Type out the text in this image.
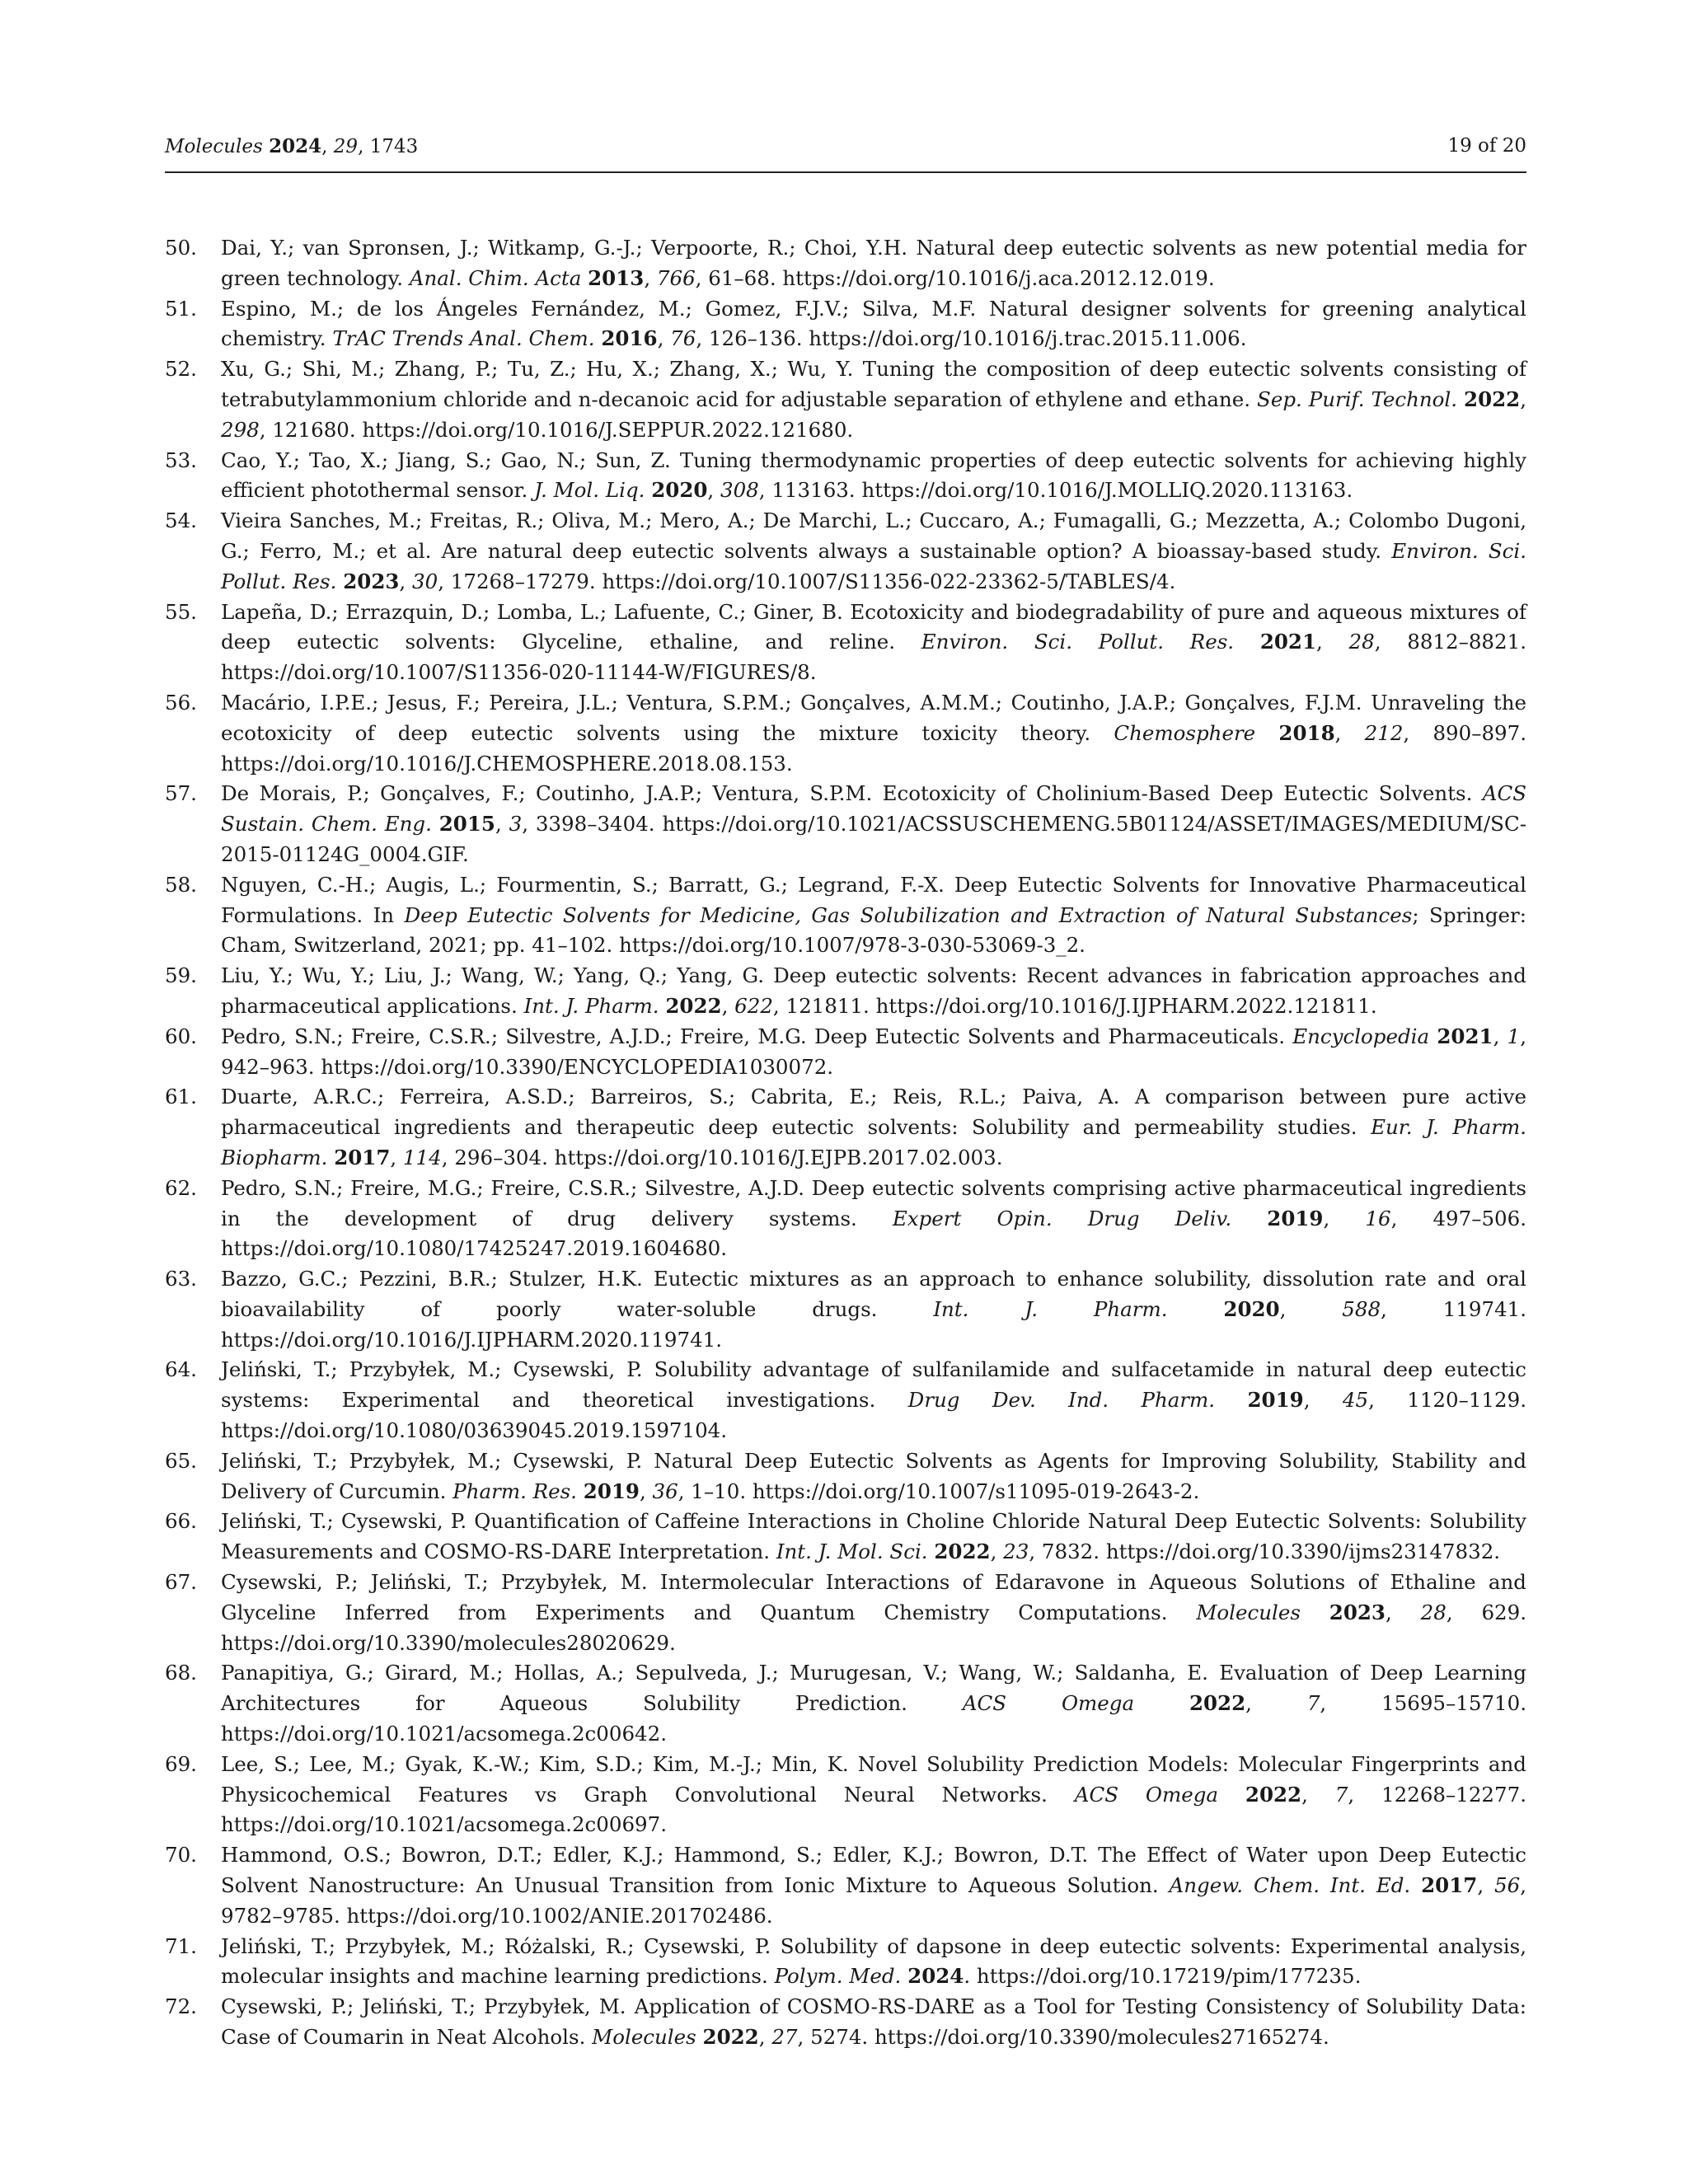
Molecules 2024, 29, 1743	19 of 20
50. Dai, Y.; van Spronsen, J.; Witkamp, G.-J.; Verpoorte, R.; Choi, Y.H. Natural deep eutectic solvents as new potential media for green technology. Anal. Chim. Acta 2013, 766, 61–68. https://doi.org/10.1016/j.aca.2012.12.019.
51. Espino, M.; de los Ángeles Fernández, M.; Gomez, F.J.V.; Silva, M.F. Natural designer solvents for greening analytical chemistry. TrAC Trends Anal. Chem. 2016, 76, 126–136. https://doi.org/10.1016/j.trac.2015.11.006.
52. Xu, G.; Shi, M.; Zhang, P.; Tu, Z.; Hu, X.; Zhang, X.; Wu, Y. Tuning the composition of deep eutectic solvents consisting of tetrabutylammonium chloride and n-decanoic acid for adjustable separation of ethylene and ethane. Sep. Purif. Technol. 2022, 298, 121680. https://doi.org/10.1016/J.SEPPUR.2022.121680.
53. Cao, Y.; Tao, X.; Jiang, S.; Gao, N.; Sun, Z. Tuning thermodynamic properties of deep eutectic solvents for achieving highly efficient photothermal sensor. J. Mol. Liq. 2020, 308, 113163. https://doi.org/10.1016/J.MOLLIQ.2020.113163.
54. Vieira Sanches, M.; Freitas, R.; Oliva, M.; Mero, A.; De Marchi, L.; Cuccaro, A.; Fumagalli, G.; Mezzetta, A.; Colombo Dugoni, G.; Ferro, M.; et al. Are natural deep eutectic solvents always a sustainable option? A bioassay-based study. Environ. Sci. Pollut. Res. 2023, 30, 17268–17279. https://doi.org/10.1007/S11356-022-23362-5/TABLES/4.
55. Lapeña, D.; Errazquin, D.; Lomba, L.; Lafuente, C.; Giner, B. Ecotoxicity and biodegradability of pure and aqueous mixtures of deep eutectic solvents: Glyceline, ethaline, and reline. Environ. Sci. Pollut. Res. 2021, 28, 8812–8821. https://doi.org/10.1007/S11356-020-11144-W/FIGURES/8.
56. Macário, I.P.E.; Jesus, F.; Pereira, J.L.; Ventura, S.P.M.; Gonçalves, A.M.M.; Coutinho, J.A.P.; Gonçalves, F.J.M. Unraveling the ecotoxicity of deep eutectic solvents using the mixture toxicity theory. Chemosphere 2018, 212, 890–897. https://doi.org/10.1016/J.CHEMOSPHERE.2018.08.153.
57. De Morais, P.; Gonçalves, F.; Coutinho, J.A.P.; Ventura, S.P.M. Ecotoxicity of Cholinium-Based Deep Eutectic Solvents. ACS Sustain. Chem. Eng. 2015, 3, 3398–3404. https://doi.org/10.1021/ACSSUSCHEMENG.5B01124/ASSET/IMAGES/MEDIUM/SC-2015-01124G_0004.GIF.
58. Nguyen, C.-H.; Augis, L.; Fourmentin, S.; Barratt, G.; Legrand, F.-X. Deep Eutectic Solvents for Innovative Pharmaceutical Formulations. In Deep Eutectic Solvents for Medicine, Gas Solubilization and Extraction of Natural Substances; Springer: Cham, Switzerland, 2021; pp. 41–102. https://doi.org/10.1007/978-3-030-53069-3_2.
59. Liu, Y.; Wu, Y.; Liu, J.; Wang, W.; Yang, Q.; Yang, G. Deep eutectic solvents: Recent advances in fabrication approaches and pharmaceutical applications. Int. J. Pharm. 2022, 622, 121811. https://doi.org/10.1016/J.IJPHARM.2022.121811.
60. Pedro, S.N.; Freire, C.S.R.; Silvestre, A.J.D.; Freire, M.G. Deep Eutectic Solvents and Pharmaceuticals. Encyclopedia 2021, 1, 942–963. https://doi.org/10.3390/ENCYCLOPEDIA1030072.
61. Duarte, A.R.C.; Ferreira, A.S.D.; Barreiros, S.; Cabrita, E.; Reis, R.L.; Paiva, A. A comparison between pure active pharmaceutical ingredients and therapeutic deep eutectic solvents: Solubility and permeability studies. Eur. J. Pharm. Biopharm. 2017, 114, 296–304. https://doi.org/10.1016/J.EJPB.2017.02.003.
62. Pedro, S.N.; Freire, M.G.; Freire, C.S.R.; Silvestre, A.J.D. Deep eutectic solvents comprising active pharmaceutical ingredients in the development of drug delivery systems. Expert Opin. Drug Deliv. 2019, 16, 497–506. https://doi.org/10.1080/17425247.2019.1604680.
63. Bazzo, G.C.; Pezzini, B.R.; Stulzer, H.K. Eutectic mixtures as an approach to enhance solubility, dissolution rate and oral bioavailability of poorly water-soluble drugs. Int. J. Pharm.	2020, 588, 119741. https://doi.org/10.1016/J.IJPHARM.2020.119741.
64. Jeliński, T.; Przybyłek, M.; Cysewski, P. Solubility advantage of sulfanilamide and sulfacetamide in natural deep eutectic systems: Experimental and theoretical investigations. Drug Dev. Ind. Pharm. 2019, 45, 1120–1129. https://doi.org/10.1080/03639045.2019.1597104.
65. Jeliński, T.; Przybyłek, M.; Cysewski, P. Natural Deep Eutectic Solvents as Agents for Improving Solubility, Stability and Delivery of Curcumin. Pharm. Res. 2019, 36, 1–10. https://doi.org/10.1007/s11095-019-2643-2.
66. Jeliński, T.; Cysewski, P. Quantification of Caffeine Interactions in Choline Chloride Natural Deep Eutectic Solvents: Solubility Measurements and COSMO-RS-DARE Interpretation. Int. J. Mol. Sci. 2022, 23, 7832. https://doi.org/10.3390/ijms23147832.
67. Cysewski, P.; Jeliński, T.; Przybyłek, M. Intermolecular Interactions of Edaravone in Aqueous Solutions of Ethaline and Glyceline Inferred from Experiments and Quantum Chemistry Computations. Molecules 2023, 28, 629. https://doi.org/10.3390/molecules28020629.
68. Panapitiya, G.; Girard, M.; Hollas, A.; Sepulveda, J.; Murugesan, V.; Wang, W.; Saldanha, E. Evaluation of Deep Learning Architectures for Aqueous Solubility Prediction. ACS Omega	2022, 7, 15695–15710. https://doi.org/10.1021/acsomega.2c00642.
69. Lee, S.; Lee, M.; Gyak, K.-W.; Kim, S.D.; Kim, M.-J.; Min, K. Novel Solubility Prediction Models: Molecular Fingerprints and Physicochemical Features vs Graph Convolutional Neural Networks. ACS Omega 2022, 7, 12268–12277. https://doi.org/10.1021/acsomega.2c00697.
70. Hammond, O.S.; Bowron, D.T.; Edler, K.J.; Hammond, S.; Edler, K.J.; Bowron, D.T. The Effect of Water upon Deep Eutectic Solvent Nanostructure: An Unusual Transition from Ionic Mixture to Aqueous Solution. Angew. Chem. Int. Ed. 2017, 56, 9782–9785. https://doi.org/10.1002/ANIE.201702486.
71. Jeliński, T.; Przybyłek, M.; Różalski, R.; Cysewski, P. Solubility of dapsone in deep eutectic solvents: Experimental analysis, molecular insights and machine learning predictions. Polym. Med. 2024. https://doi.org/10.17219/pim/177235.
72. Cysewski, P.; Jeliński, T.; Przybyłek, M. Application of COSMO-RS-DARE as a Tool for Testing Consistency of Solubility Data: Case of Coumarin in Neat Alcohols. Molecules 2022, 27, 5274. https://doi.org/10.3390/molecules27165274.
